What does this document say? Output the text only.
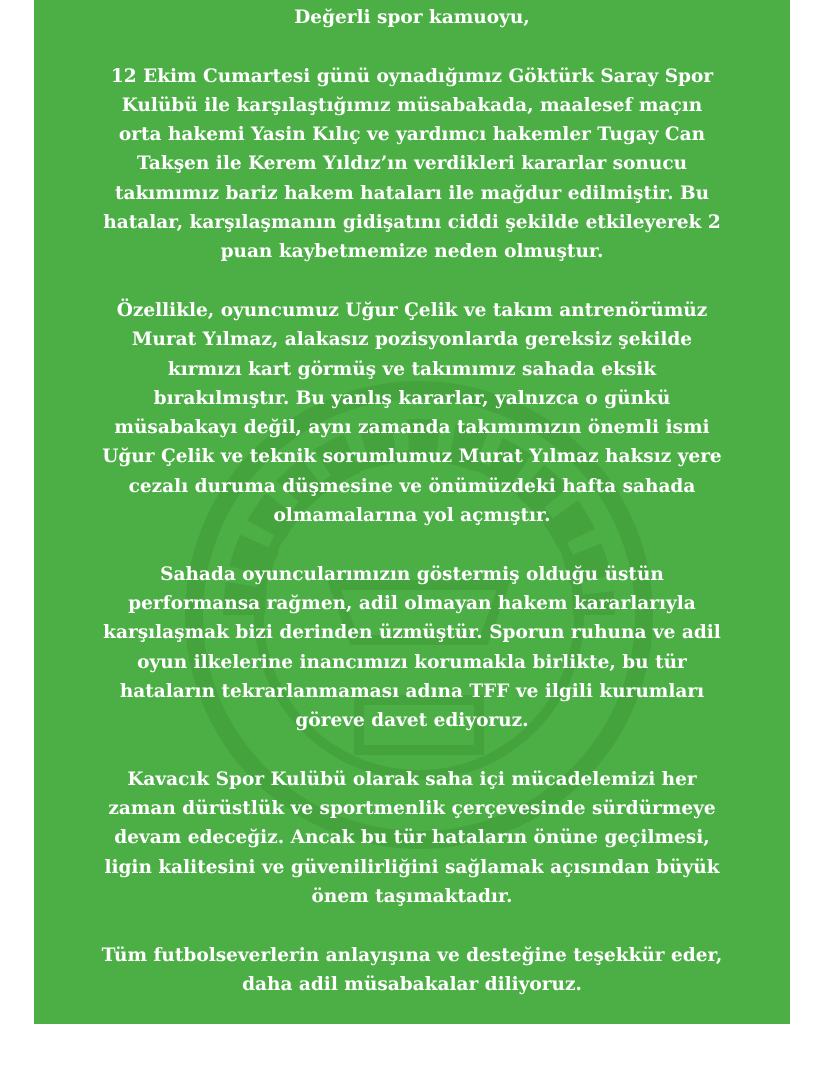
Değerli spor kamuoyu,
12 Ekim Cumartesi günü oynadığımız Göktürk Saray Spor
Kulübü ile karşılaştığımız müsabakada, maalesef maçın
orta hakemi Yasin Kılıç ve yardımcı hakemler Tugay Can
Takşen ile Kerem Yıldız’ın verdikleri kararlar sonucu
takımımız bariz hakem hataları ile mağdur edilmiştir. Bu
hatalar, karşılaşmanın gidişatını ciddi şekilde etkileyerek 2
puan kaybetmemize neden olmuştur.
Özellikle, oyuncumuz Uğur Çelik ve takım antrenörümüz
Murat Yılmaz, alakasız pozisyonlarda gereksiz şekilde
kırmızı kart görmüş ve takımımız sahada eksik
bırakılmıştır. Bu yanlış kararlar, yalnızca o günkü
müsabakayı değil, aynı zamanda takımımızın önemli ismi
Uğur Çelik ve teknik sorumlumuz Murat Yılmaz haksız yere
cezalı duruma düşmesine ve önümüzdeki hafta sahada
olmamalarına yol açmıştır.
Sahada oyuncularımızın göstermiş olduğu üstün
performansa rağmen, adil olmayan hakem kararlarıyla
karşılaşmak bizi derinden üzmüştür. Sporun ruhuna ve adil
oyun ilkelerine inancımızı korumakla birlikte, bu tür
hataların tekrarlanmaması adına TFF ve ilgili kurumları
göreve davet ediyoruz.
Kavacık Spor Kulübü olarak saha içi mücadelemizi her
zaman dürüstlük ve sportmenlik çerçevesinde sürdürmeye
devam edeceğiz. Ancak bu tür hataların önüne geçilmesi,
ligin kalitesini ve güvenilirliğini sağlamak açısından büyük
önem taşımaktadır.
Tüm futbolseverlerin anlayışına ve desteğine teşekkür eder,
daha adil müsabakalar diliyoruz.
Saygılarımızla,
Kavacık Spor Kulübü Yönetim Kurulu
